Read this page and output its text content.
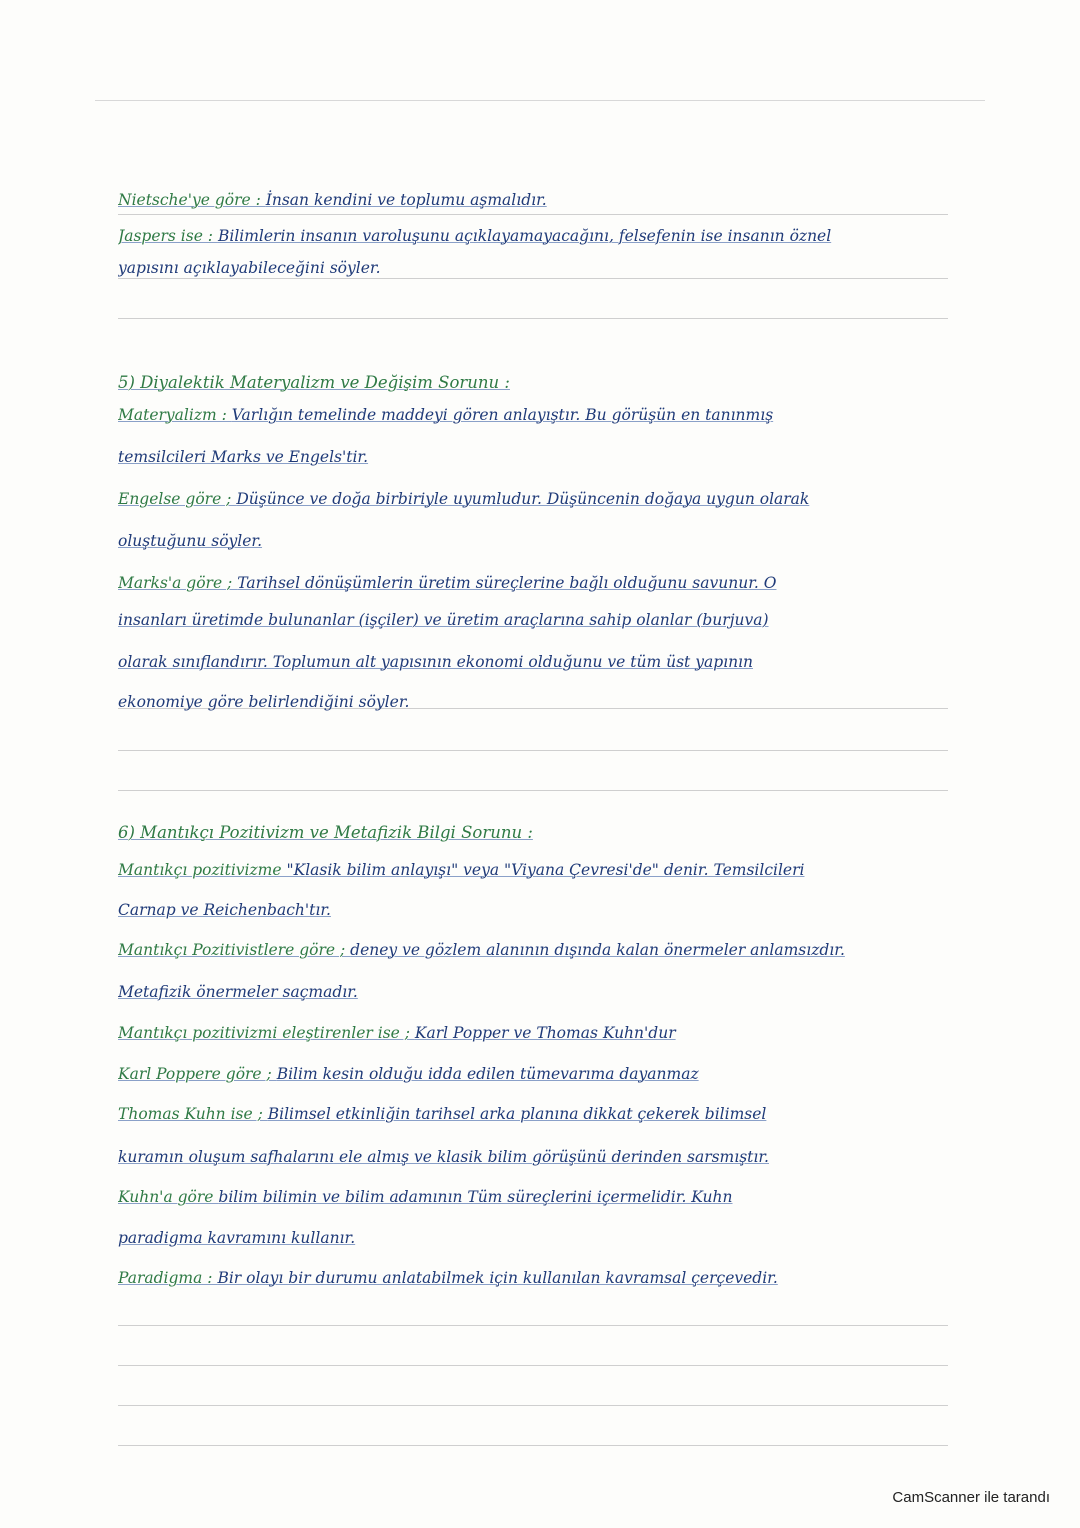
Nietsche'ye göre : İnsan kendini ve toplumu aşmalıdır.
Jaspers ise : Bilimlerin insanın varoluşunu açıklayamayacağını, felsefenin ise insanın öznel
yapısını açıklayabileceğini söyler.
5) Diyalektik Materyalizm ve Değişim Sorunu :
Materyalizm : Varlığın temelinde maddeyi gören anlayıştır. Bu görüşün en tanınmış
temsilcileri Marks ve Engels'tir.
Engelse göre ; Düşünce ve doğa birbiriyle uyumludur. Düşüncenin doğaya uygun olarak
oluştuğunu söyler.
Marks'a göre ; Tarihsel dönüşümlerin üretim süreçlerine bağlı olduğunu savunur. O
insanları üretimde bulunanlar (işçiler) ve üretim araçlarına sahip olanlar (burjuva)
olarak sınıflandırır. Toplumun alt yapısının ekonomi olduğunu ve tüm üst yapının
ekonomiye göre belirlendiğini söyler.
6) Mantıkçı Pozitivizm ve Metafizik Bilgi Sorunu :
Mantıkçı pozitivizme "Klasik bilim anlayışı" veya "Viyana Çevresi'de" denir. Temsilcileri
Carnap ve Reichenbach'tır.
Mantıkçı Pozitivistlere göre ; deney ve gözlem alanının dışında kalan önermeler anlamsızdır.
Metafizik önermeler saçmadır.
Mantıkçı pozitivizmi eleştirenler ise ; Karl Popper ve Thomas Kuhn'dur
Karl Poppere göre ; Bilim kesin olduğu idda edilen tümevarıma dayanmaz
Thomas Kuhn ise ; Bilimsel etkinliğin tarihsel arka planına dikkat çekerek bilimsel
kuramın oluşum safhalarını ele almış ve klasik bilim görüşünü derinden sarsmıştır.
Kuhn'a göre bilim bilimin ve bilim adamının Tüm süreçlerini içermelidir. Kuhn
paradigma kavramını kullanır.
Paradigma : Bir olayı bir durumu anlatabilmek için kullanılan kavramsal çerçevedir.
CamScanner ile tarandı
